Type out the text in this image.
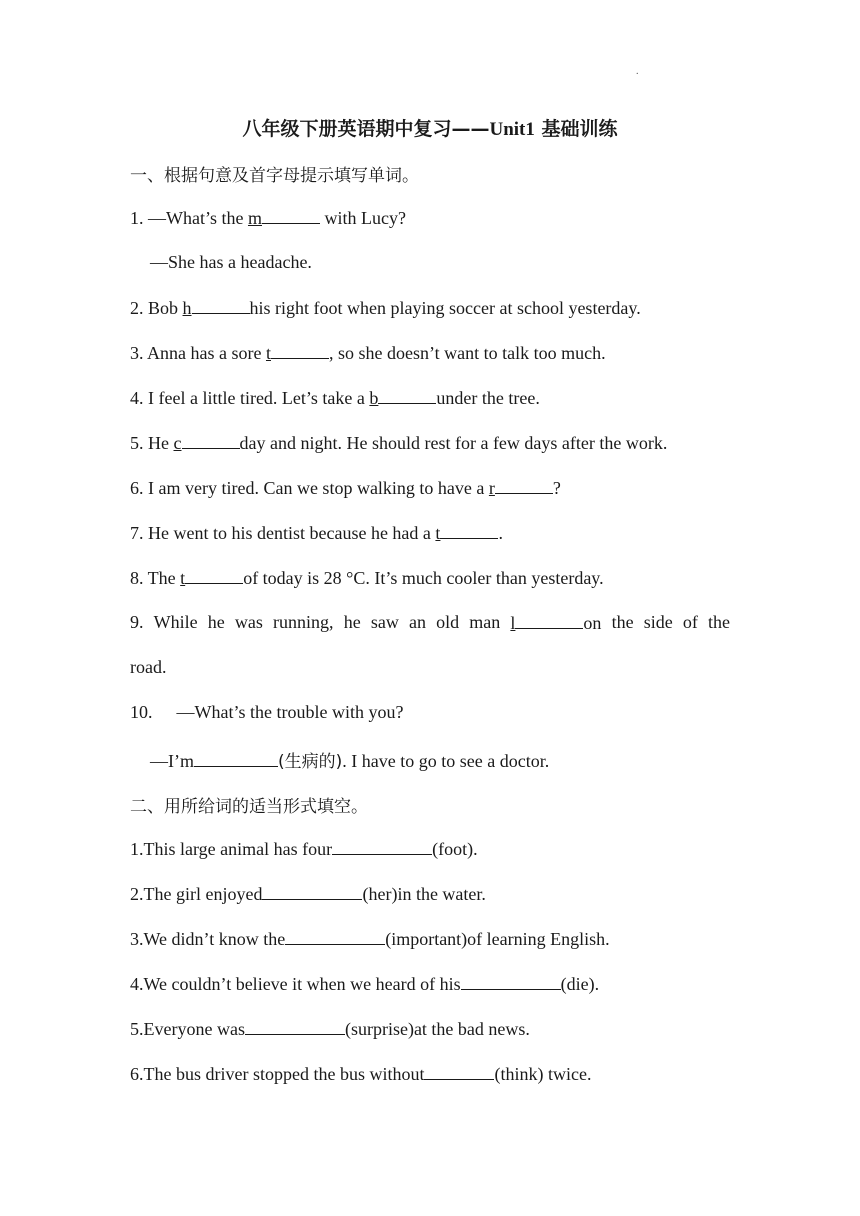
.
八年级下册英语期中复习——Unit1 基础训练
一、根据句意及首字母提示填写单词。
1. —What’s the m	with Lucy?
—She has a headache.
2. Bob h	his right foot when playing soccer at school yesterday.
3. Anna has a sore t	, so she doesn’t want to talk too much.
4. I feel a little tired. Let’s take a b	under the tree.
5. He c	day and night. He should rest for a few days after the work.
6. I am very tired. Can we stop walking to have a r	?
7. He went to his dentist because he had a t	.
8. The t	of today is 28 °C. It’s much cooler than yesterday.
9. While he was running, he saw an old man l	on the side of the
road.
10. —What’s the trouble with you?
—I’m	(生病的). I have to go to see a doctor.
二、用所给词的适当形式填空。
1.This large animal has four	(foot).
2.The girl enjoyed	(her)in the water.
3.We didn’t know the	(important)of learning English.
4.We couldn’t believe it when we heard of his	(die).
5.Everyone was	(surprise)at the bad news.
6.The bus driver stopped the bus without	(think) twice.
